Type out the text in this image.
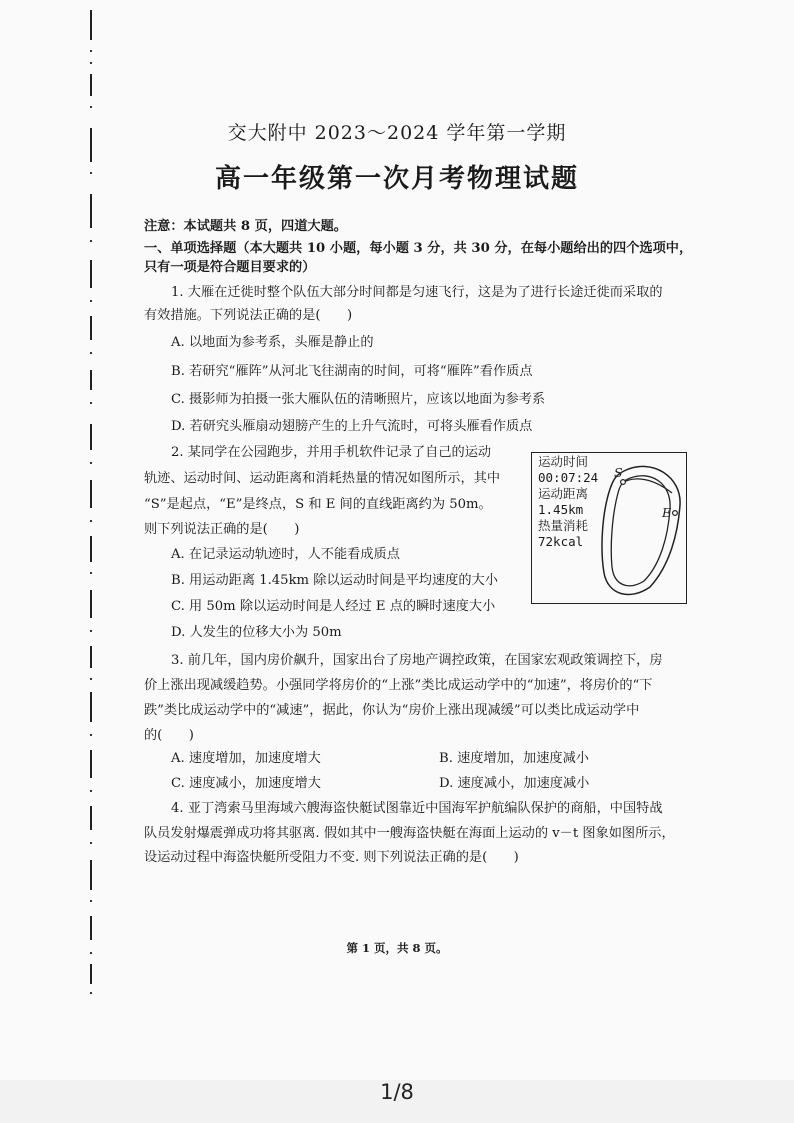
交大附中 2023～2024 学年第一学期
高一年级第一次月考物理试题
注意：本试题共 8 页，四道大题。
一、单项选择题（本大题共 10 小题，每小题 3 分，共 30 分，在每小题给出的四个选项中，
只有一项是符合题目要求的）
1. 大雁在迁徙时整个队伍大部分时间都是匀速飞行，这是为了进行长途迁徙而采取的
有效措施。下列说法正确的是(　　)
A. 以地面为参考系，头雁是静止的
B. 若研究“雁阵”从河北飞往湖南的时间，可将“雁阵”看作质点
C. 摄影师为拍摄一张大雁队伍的清晰照片，应该以地面为参考系
D. 若研究头雁扇动翅膀产生的上升气流时，可将头雁看作质点
2. 某同学在公园跑步，并用手机软件记录了自己的运动
轨迹、运动时间、运动距离和消耗热量的情况如图所示，其中
“S”是起点，“E”是终点，S 和 E 间的直线距离约为 50m。
则下列说法正确的是(　　)
A. 在记录运动轨迹时，人不能看成质点
B. 用运动距离 1.45km 除以运动时间是平均速度的大小
C. 用 50m 除以运动时间是人经过 E 点的瞬时速度大小
D. 人发生的位移大小为 50m
运动时间
00:07:24
运动距离
1.45km
热量消耗
72kcal
S
E
3. 前几年，国内房价飙升，国家出台了房地产调控政策，在国家宏观政策调控下，房
价上涨出现减缓趋势。小强同学将房价的“上涨”类比成运动学中的“加速”，将房价的“下
跌”类比成运动学中的“减速”，据此，你认为“房价上涨出现减缓”可以类比成运动学中
的(　　)
A. 速度增加，加速度增大	B. 速度增加，加速度减小
C. 速度减小，加速度增大	D. 速度减小，加速度减小
4. 亚丁湾索马里海域六艘海盗快艇试图靠近中国海军护航编队保护的商船，中国特战
队员发射爆震弹成功将其驱离. 假如其中一艘海盗快艇在海面上运动的 v－t 图象如图所示，
设运动过程中海盗快艇所受阻力不变. 则下列说法正确的是(　　)
第 1 页，共 8 页。
1/8
